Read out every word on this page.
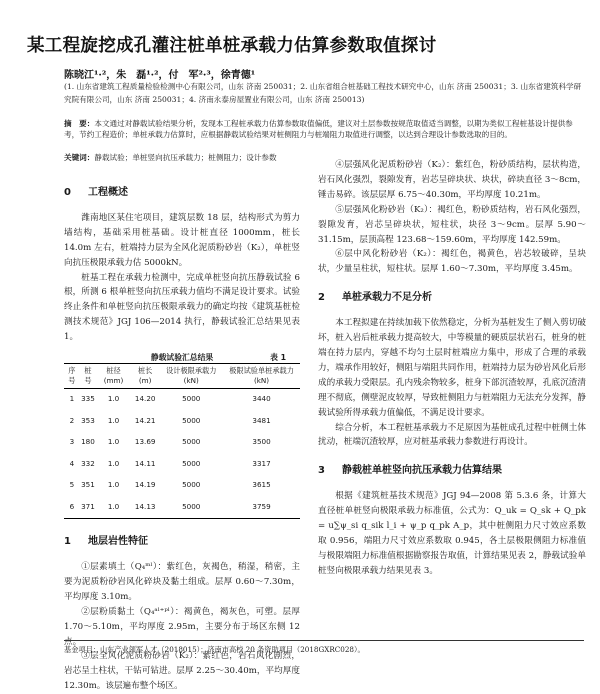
某工程旋挖成孔灌注桩单桩承载力估算参数取值探讨
陈晓江¹·²，朱　磊¹·²，付　军²·³，徐青德¹
(1. 山东省建筑工程质量检验检测中心有限公司，山东 济南 250031；2. 山东省组合桩基础工程技术研究中心，山东 济南 250031；3. 山东省建筑科学研究院有限公司，山东 济南 250031；4. 济南永泰房屋置业有限公司，山东 济南 250013)
摘　要：本文通过对静载试验结果分析，发现本工程桩承载力估算参数取值偏低，建议对土层参数按规范取值适当调整，以期为类似工程桩基设计提供参考，节约工程造价；单桩承载力估算时，应根据静载试验结果对桩侧阻力与桩端阻力取值进行调整，以达到合理设计参数选取的目的。
关键词：静载试验；单桩竖向抗压承载力；桩侧阻力；设计参数
0 工程概述

潍南地区某住宅项目，建筑层数 18 层，结构形式为剪力墙结构，基础采用桩基础。设计桩直径 1000mm，桩长 14.0m 左右，桩端持力层为全风化泥质粉砂岩（K₂），单桩竖向抗压极限承载力估 5000kN。

桩基工程在承载力检测中，完成单桩竖向抗压静载试验 6 根，所测 6 根单桩竖向抗压承载力值均不满足设计要求。试验终止条件和单桩竖向抗压极限承载力的确定均按《建筑基桩检测技术规范》JGJ 106—2014 执行，静载试验汇总结果见表 1。

静载试验汇总结果	表 1
序号	桩号	桩径(mm)	桩长(m)	设计极限承载力(kN)	极限试验单桩承载力(kN)
1	335	1.0	14.20	5000	3440
2	353	1.0	14.21	5000	3481
3	180	1.0	13.69	5000	3500
4	332	1.0	14.11	5000	3317
5	351	1.0	14.19	5000	3615
6	371	1.0	14.13	5000	3759
1 地层岩性特征

①层素填土（Q₄ᵐˡ）：紫红色，灰褐色，稍湿，稍密，主要为泥质粉砂岩风化碎块及黏土组成。层厚 0.60～7.30m，平均厚度 3.10m。

②层粉质黏土（Q₄ᵃˡ⁺ᵖˡ）：褐黄色，褐灰色，可塑。层厚 1.70～5.10m，平均厚度 2.95m，主要分布于场区东侧 12 点。

③层全风化泥质粉砂岩（K₂）：紫红色，岩石风化剧烈，岩芯呈土柱状，干钻可钻进。层厚 2.25～30.40m，平均厚度 12.30m。该层遍布整个场区。

④层强风化泥质粉砂岩（K₂）：紫红色，粉砂质结构，层状构造，岩石风化强烈，裂隙发育，岩芯呈碎块状、块状，碎块直径 3～8cm，锤击易碎。该层层厚 6.75～40.30m，平均厚度 10.21m。

⑤层强风化粉砂岩（K₂）：褐红色，粉砂质结构，岩石风化强烈，裂隙发育，岩芯呈碎块状，短柱状，块径 3～9cm。层厚 5.90～31.15m，层顶高程 123.68～159.60m，平均厚度 142.59m。

⑥层中风化粉砂岩（K₂）：褐红色，褐黄色，岩芯较破碎，呈块状，少量呈柱状，短柱状。层厚 1.60～7.30m，平均厚度 3.45m。

2 单桩承载力不足分析

本工程拟建在持续加载下依然稳定，分析为基桩发生了侧入剪切破坏，桩入岩后桩承载力提高较大，中等模量的硬质层状岩石，桩身的桩端在持力层内，穿越不均匀土层时桩端应力集中，形成了合理的承载力，端承作用较好，侧阻与端阻共同作用，桩端持力层为砂岩风化后形成的承载力受限层。孔内残余物较多，桩身下部沉渣较厚，孔底沉渣清理不彻底，侧壁泥皮较厚，导致桩侧阻力与桩端阻力无法充分发挥，静载试验所得承载力值偏低，不满足设计要求。

综合分析，本工程桩基承载力不足原因为基桩成孔过程中桩侧土体扰动，桩端沉渣较厚，应对桩基承载力参数进行再设计。

3 静载桩单桩竖向抗压承载力估算结果

根据《建筑桩基技术规范》JGJ 94—2008 第 5.3.6 条，计算大直径桩单桩竖向极限承载力标准值，公式为：Q_uk = Q_sk + Q_pk = u∑ψ_si q_sik l_i + ψ_p q_pk A_p，其中桩侧阻力尺寸效应系数取 0.956，端阻力尺寸效应系数取 0.945，各土层极限侧阻力标准值与极限端阻力标准值根据勘察报告取值，计算结果见表 2，静载试验单桩竖向极限承载力结果见表 3。

基金项目：山东产业领军人才（2018015）；济南市高校 20 条资助项目（2018GXRC028）。
